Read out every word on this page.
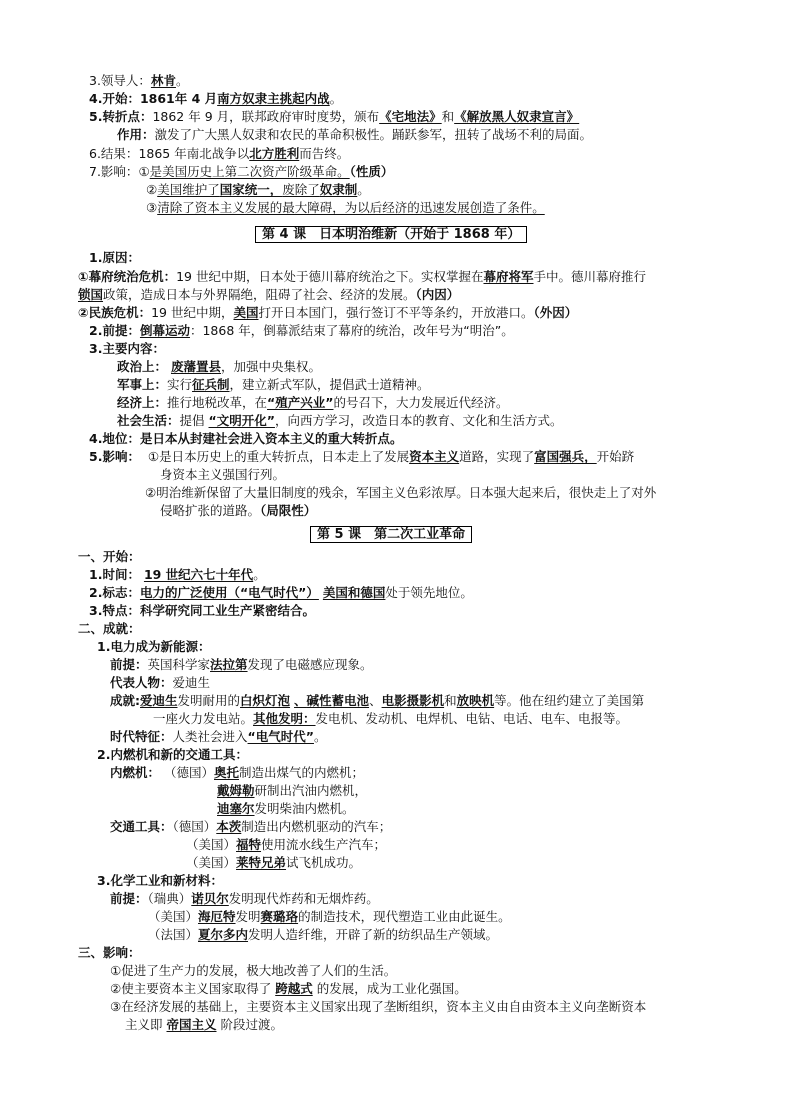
3.领导人：林肯。
4.开始：1861年 4 月南方奴隶主挑起内战。
5.转折点：1862 年 9 月，联邦政府审时度势，颁布《宅地法》和《解放黑人奴隶宣言》
作用：激发了广大黑人奴隶和农民的革命积极性。踊跃参军，扭转了战场不利的局面。
6.结果：1865 年南北战争以北方胜利而告终。
7.影响：①是美国历史上第二次资产阶级革命。（性质）
②美国维护了国家统一，废除了奴隶制。
③清除了资本主义发展的最大障碍，为以后经济的迅速发展创造了条件。
第 4 课　日本明治维新（开始于 1868 年）
1.原因：
①幕府统治危机：19 世纪中期，日本处于德川幕府统治之下。实权掌握在幕府将军手中。德川幕府推行
锁国政策，造成日本与外界隔绝，阻碍了社会、经济的发展。（内因）
②民族危机：19 世纪中期，美国打开日本国门，强行签订不平等条约，开放港口。（外因）
2.前提：倒幕运动：1868 年，倒幕派结束了幕府的统治，改年号为“明治”。
3.主要内容：
政治上： 废藩置县，加强中央集权。
军事上：实行征兵制，建立新式军队，提倡武士道精神。
经济上：推行地税改革，在“殖产兴业”的号召下，大力发展近代经济。
社会生活：提倡 “文明开化”，向西方学习，改造日本的教育、文化和生活方式。
4.地位：是日本从封建社会进入资本主义的重大转折点。
5.影响： ①是日本历史上的重大转折点，日本走上了发展资本主义道路，实现了富国强兵，开始跻
身资本主义强国行列。
②明治维新保留了大量旧制度的残余，军国主义色彩浓厚。日本强大起来后，很快走上了对外
侵略扩张的道路。（局限性）
第 5 课　第二次工业革命
一、开始：
1.时间： 19 世纪六七十年代。
2.标志：电力的广泛使用（“电气时代”） 美国和德国处于领先地位。
3.特点：科学研究同工业生产紧密结合。
二、成就：
1.电力成为新能源：
前提：英国科学家法拉第发现了电磁感应现象。
代表人物：爱迪生
成就:爱迪生发明耐用的白炽灯泡 、碱性蓄电池、电影摄影机和放映机等。他在纽约建立了美国第
一座火力发电站。其他发明：发电机、发动机、电焊机、电钻、电话、电车、电报等。
时代特征：人类社会进入“电气时代”。
2.内燃机和新的交通工具：
内燃机： （德国）奥托制造出煤气的内燃机；
戴姆勒研制出汽油内燃机，
迪塞尔发明柴油内燃机。
交通工具：（德国）本茨制造出内燃机驱动的汽车；
（美国）福特使用流水线生产汽车；
（美国）莱特兄弟试飞机成功。
3.化学工业和新材料：
前提：（瑞典）诺贝尔发明现代炸药和无烟炸药。
（美国）海厄特发明赛璐珞的制造技术，现代塑造工业由此诞生。
（法国）夏尔多内发明人造纤维，开辟了新的纺织品生产领域。
三、影响：
①促进了生产力的发展，极大地改善了人们的生活。
②使主要资本主义国家取得了 跨越式 的发展，成为工业化强国。
③在经济发展的基础上，主要资本主义国家出现了垄断组织，资本主义由自由资本主义向垄断资本
主义即 帝国主义 阶段过渡。
